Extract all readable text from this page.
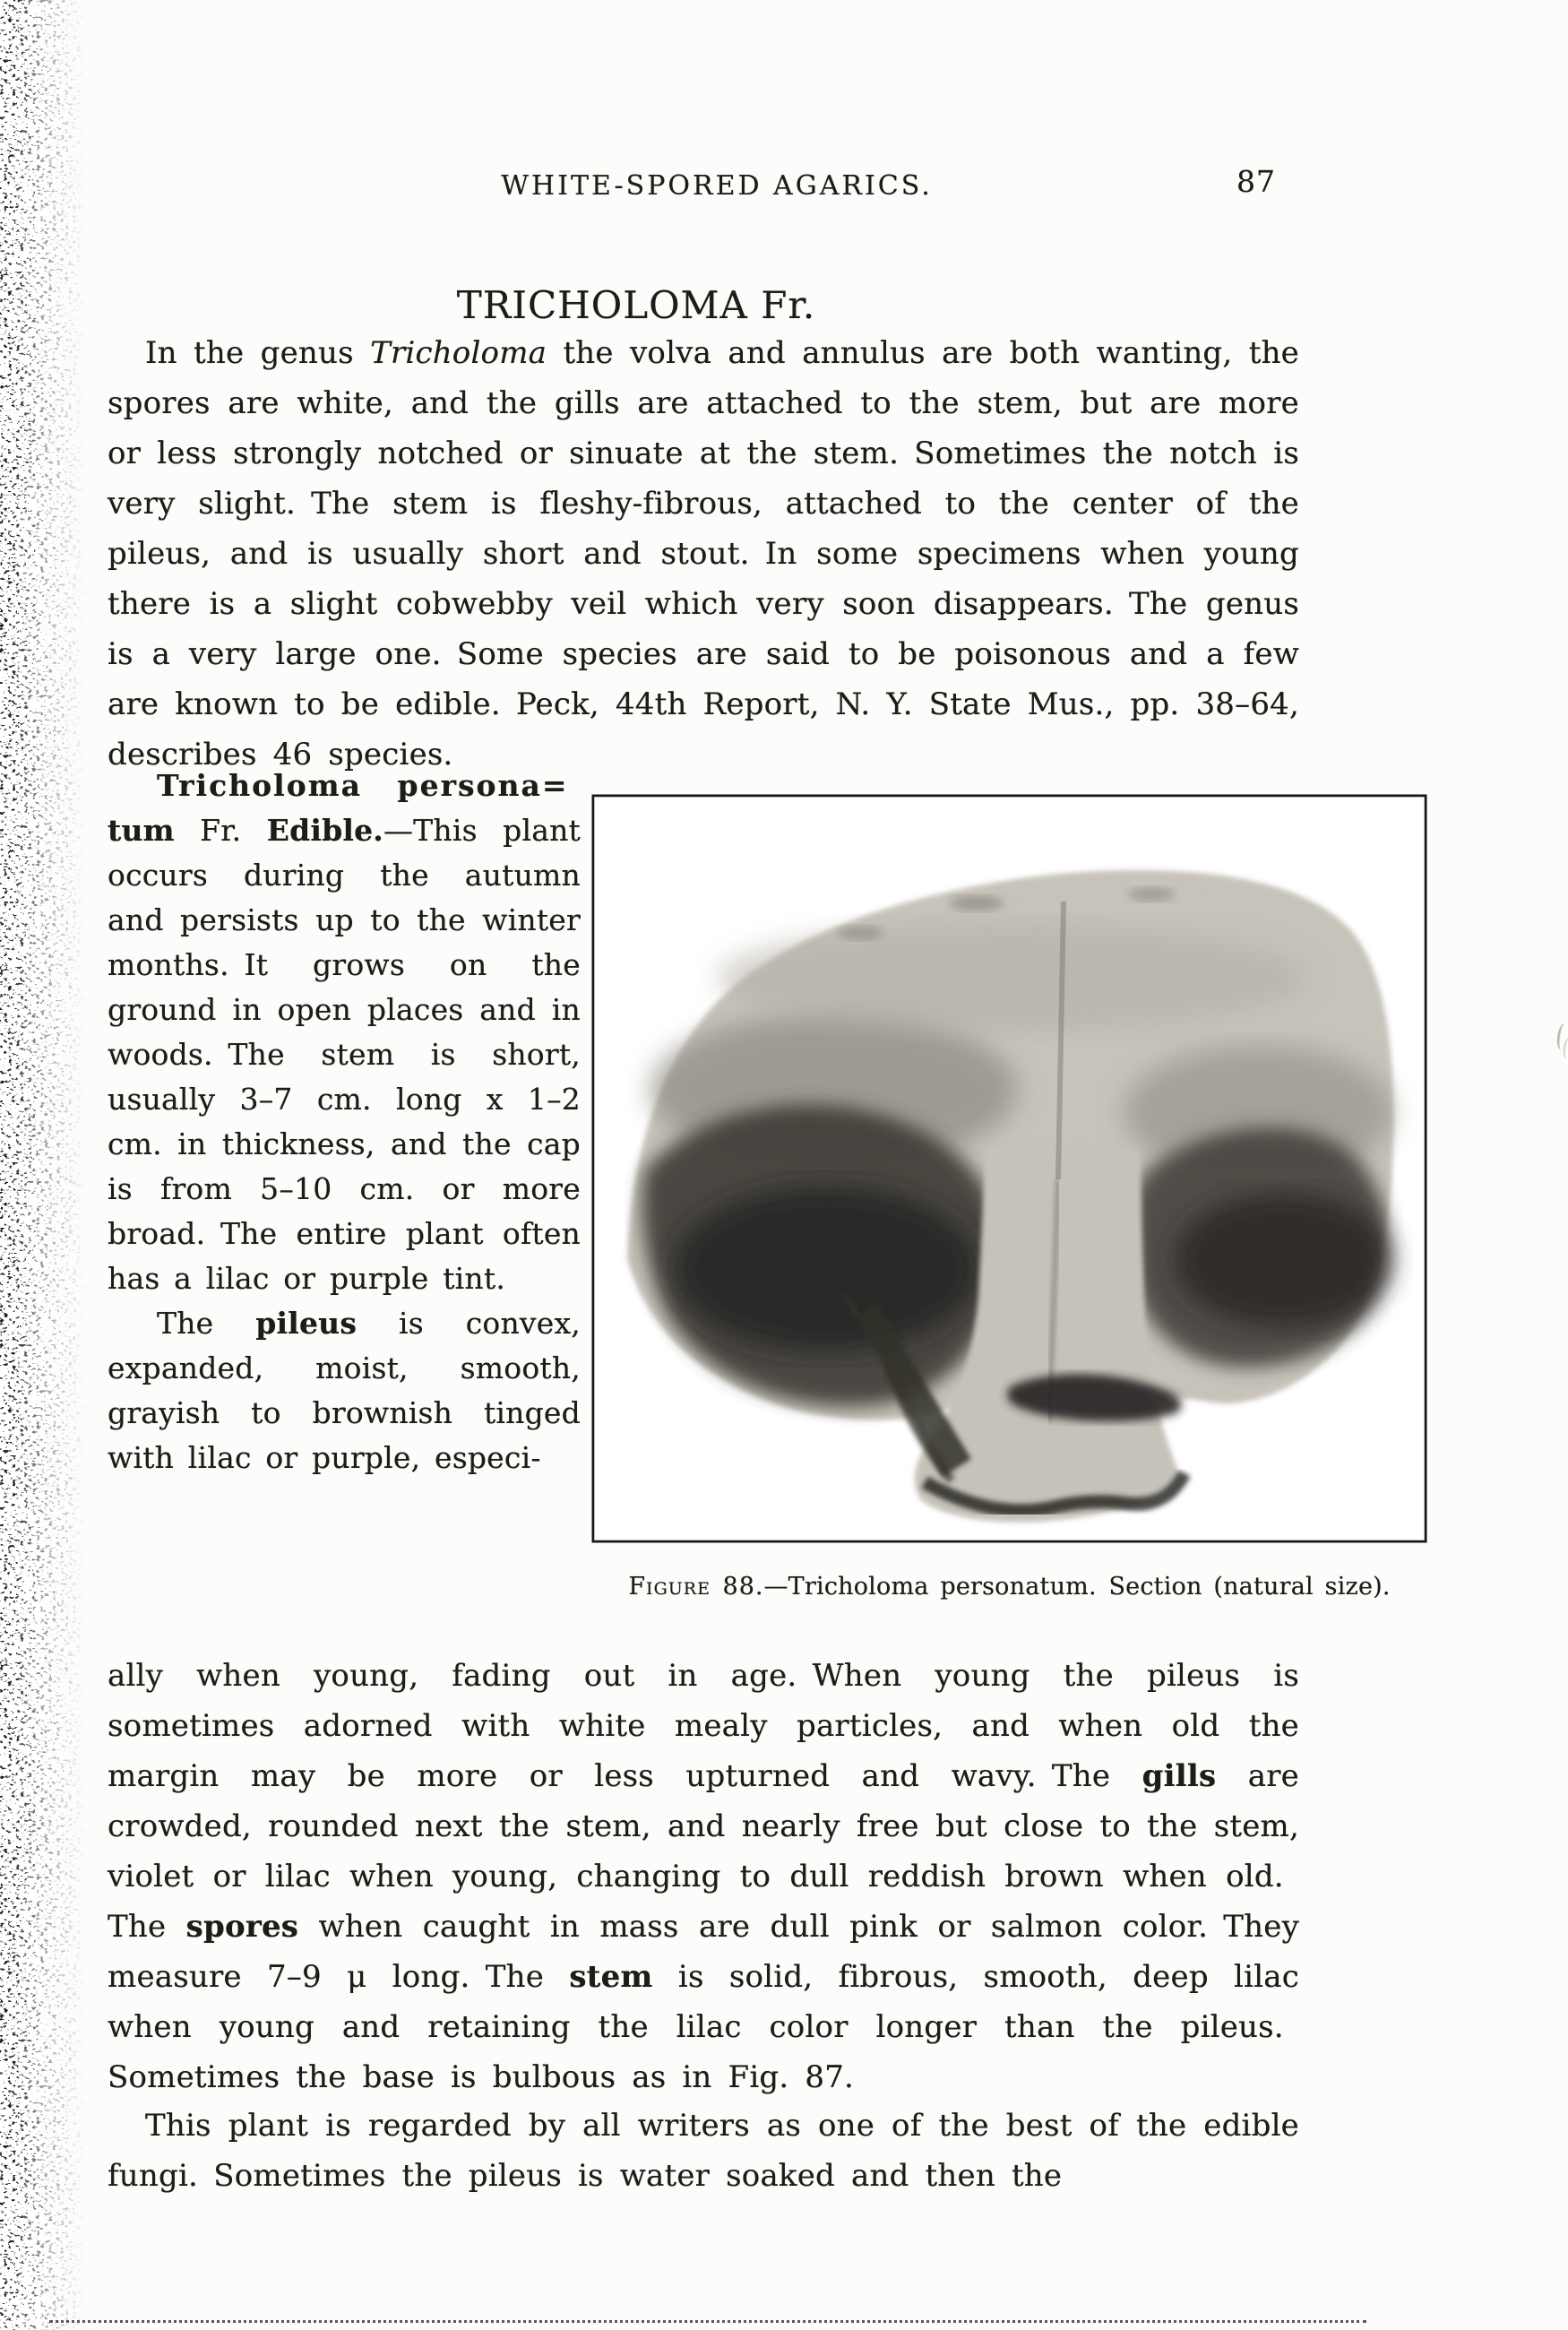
WHITE-SPORED AGARICS.	87
TRICHOLOMA Fr.
In the genus Tricholoma the volva and annulus are both wanting, the spores are white, and the gills are attached to the stem, but are more or less strongly notched or sinuate at the stem. Sometimes the notch is very slight. The stem is fleshy-fibrous, attached to the center of the pileus, and is usually short and stout. In some specimens when young there is a slight cobwebby veil which very soon disappears. The genus is a very large one. Some species are said to be poisonous and a few are known to be edible. Peck, 44th Report, N. Y. State Mus., pp. 38–64, describes 46 species.
Tricholoma persona=
tum Fr. Edible.—This plant occurs during the autumn and persists up to the winter months. It grows on the ground in open places and in woods. The stem is short, usually 3–7 cm. long x 1–2 cm. in thickness, and the cap is from 5–10 cm. or more broad. The entire plant often has a lilac or purple tint.
The pileus is convex, expanded, moist, smooth, grayish to brownish tinged with lilac or purple, especi-
Figure 88.—Tricholoma personatum. Section (natural size).
ally when young, fading out in age. When young the pileus is sometimes adorned with white mealy particles, and when old the margin may be more or less upturned and wavy. The gills are crowded, rounded next the stem, and nearly free but close to the stem, violet or lilac when young, changing to dull reddish brown when old. The spores when caught in mass are dull pink or salmon color. They measure 7–9 μ long. The stem is solid, fibrous, smooth, deep lilac when young and retaining the lilac color longer than the pileus. Sometimes the base is bulbous as in Fig. 87.
This plant is regarded by all writers as one of the best of the edible fungi. Sometimes the pileus is water soaked and then the
